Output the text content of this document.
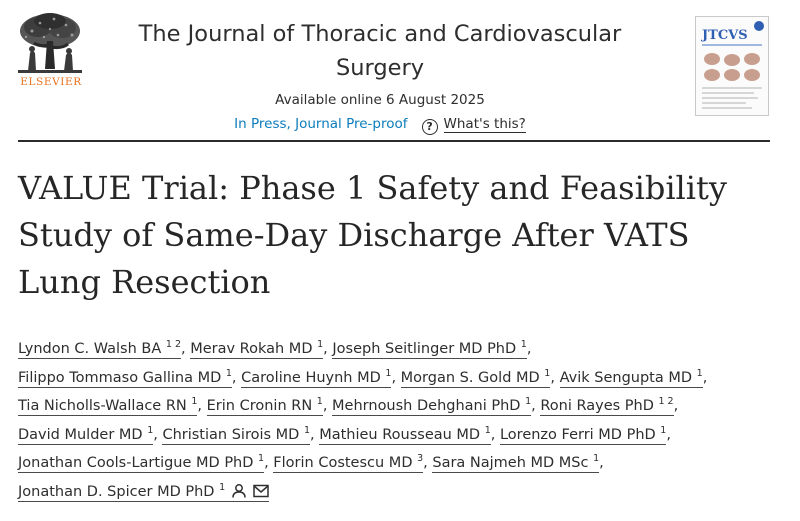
ELSEVIER
The Journal of Thoracic and Cardiovascular Surgery
Available online 6 August 2025
In Press, Journal Pre-proof ? What's this?
JTCVS
VALUE Trial: Phase 1 Safety and Feasibility Study of Same-Day Discharge After VATS Lung Resection
Lyndon C. Walsh BA $^{1 2}$, Merav Rokah MD $^1$, Joseph Seitlinger MD PhD $^1$,
Filippo Tommaso Gallina MD $^1$, Caroline Huynh MD $^1$, Morgan S. Gold MD $^1$, Avik Sengupta MD $^1$,
Tia Nicholls-Wallace RN $^1$, Erin Cronin RN $^1$, Mehrnoush Dehghani PhD $^1$, Roni Rayes PhD $^{1 2}$,
David Mulder MD $^1$, Christian Sirois MD $^1$, Mathieu Rousseau MD $^1$, Lorenzo Ferri MD PhD $^1$,
Jonathan Cools-Lartigue MD PhD $^1$, Florin Costescu MD $^3$, Sara Najmeh MD MSc $^1$,
Jonathan D. Spicer MD PhD $^1$
